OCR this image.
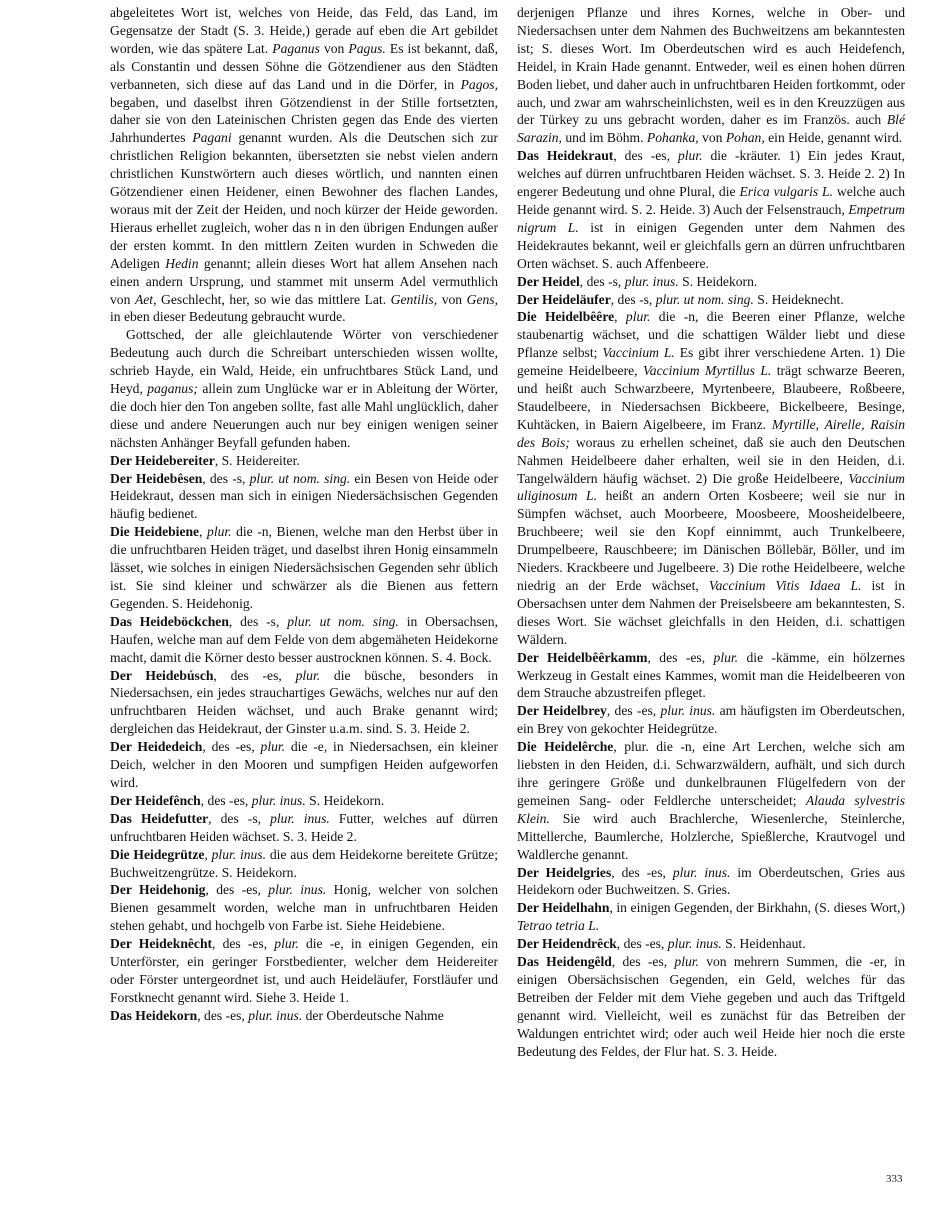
abgeleitetes Wort ist, welches von Heide, das Feld, das Land, im Gegensatze der Stadt (S. 3. Heide,) gerade auf eben die Art gebildet worden, wie das spätere Lat. Paganus von Pagus. Es ist bekannt, daß, als Constantin und dessen Söhne die Götzendiener aus den Städten verbanneten, sich diese auf das Land und in die Dörfer, in Pagos, begaben, und daselbst ihren Götzendienst in der Stille fortsetzten, daher sie von den Lateinischen Christen gegen das Ende des vierten Jahrhundertes Pagani genannt wurden. Als die Deutschen sich zur christlichen Religion bekannten, übersetzten sie nebst vielen andern christlichen Kunstwörtern auch dieses wörtlich, und nannten einen Götzendiener einen Heidener, einen Bewohner des flachen Landes, woraus mit der Zeit der Heiden, und noch kürzer der Heide geworden. Hieraus erhellet zugleich, woher das n in den übrigen Endungen außer der ersten kommt. In den mittlern Zeiten wurden in Schweden die Adeligen Hedin genannt; allein dieses Wort hat allem Ansehen nach einen andern Ursprung, und stammet mit unserm Adel vermuthlich von Aet, Geschlecht, her, so wie das mittlere Lat. Gentilis, von Gens, in eben dieser Bedeutung gebraucht wurde.

Gottsched, der alle gleichlautende Wörter von verschiedener Bedeutung auch durch die Schreibart unterschieden wissen wollte, schrieb Hayde, ein Wald, Heide, ein unfruchtbares Stück Land, und Heyd, paganus; allein zum Unglücke war er in Ableitung der Wörter, die doch hier den Ton angeben sollte, fast alle Mahl unglücklich, daher diese und andere Neuerungen auch nur bey einigen wenigen seiner nächsten Anhänger Beyfall gefunden haben.

Der Heidebereiter, S. Heidereiter.

Der Heidebêsen, des -s, plur. ut nom. sing. ein Besen von Heide oder Heidekraut, dessen man sich in einigen Niedersächsischen Gegenden häufig bedienet.

Die Heidebiene, plur. die -n, Bienen, welche man den Herbst über in die unfruchtbaren Heiden träget, und daselbst ihren Honig einsammeln lässet, wie solches in einigen Niedersächsischen Gegenden sehr üblich ist. Sie sind kleiner und schwärzer als die Bienen aus fettern Gegenden. S. Heidehonig.

Das Heideböckchen, des -s, plur. ut nom. sing. in Obersachsen, Haufen, welche man auf dem Felde von dem abgemäheten Heidekorne macht, damit die Körner desto besser austrocknen können. S. 4. Bock.

Der Heidebúsch, des -es, plur. die büsche, besonders in Niedersachsen, ein jedes strauchartiges Gewächs, welches nur auf den unfruchtbaren Heiden wächset, und auch Brake genannt wird; dergleichen das Heidekraut, der Ginster u.a.m. sind. S. 3. Heide 2.

Der Heidedeich, des -es, plur. die -e, in Niedersachsen, ein kleiner Deich, welcher in den Mooren und sumpfigen Heiden aufgeworfen wird.

Der Heidefênch, des -es, plur. inus. S. Heidekorn.

Das Heidefutter, des -s, plur. inus. Futter, welches auf dürren unfruchtbaren Heiden wächset. S. 3. Heide 2.

Die Heidegrütze, plur. inus. die aus dem Heidekorne bereitete Grütze; Buchweitzengrütze. S. Heidekorn.

Der Heidehonig, des -es, plur. inus. Honig, welcher von solchen Bienen gesammelt worden, welche man in unfruchtbaren Heiden stehen gehabt, und hochgelb von Farbe ist. Siehe Heidebiene.

Der Heideknêcht, des -es, plur. die -e, in einigen Gegenden, ein Unterförster, ein geringer Forstbedienter, welcher dem Heidereiter oder Förster untergeordnet ist, und auch Heideläufer, Forstläufer und Forstknecht genannt wird. Siehe 3. Heide 1.

Das Heidekorn, des -es, plur. inus. der Oberdeutsche Nahme

derjenigen Pflanze und ihres Kornes, welche in Ober- und Niedersachsen unter dem Nahmen des Buchweitzens am bekanntesten ist; S. dieses Wort. Im Oberdeutschen wird es auch Heidefench, Heidel, in Krain Hade genannt. Entweder, weil es einen hohen dürren Boden liebet, und daher auch in unfruchtbaren Heiden fortkommt, oder auch, und zwar am wahrscheinlichsten, weil es in den Kreuzzügen aus der Türkey zu uns gebracht worden, daher es im Französ. auch Blé Sarazin, und im Böhm. Pohanka, von Pohan, ein Heide, genannt wird.

Das Heidekraut, des -es, plur. die -kräuter. 1) Ein jedes Kraut, welches auf dürren unfruchtbaren Heiden wächset. S. 3. Heide 2. 2) In engerer Bedeutung und ohne Plural, die Erica vulgaris L. welche auch Heide genannt wird. S. 2. Heide. 3) Auch der Felsenstrauch, Empetrum nigrum L. ist in einigen Gegenden unter dem Nahmen des Heidekrautes bekannt, weil er gleichfalls gern an dürren unfruchtbaren Orten wächset. S. auch Affenbeere.

Der Heidel, des -s, plur. inus. S. Heidekorn.

Der Heideläufer, des -s, plur. ut nom. sing. S. Heideknecht.

Die Heidelbêêre, plur. die -n, die Beeren einer Pflanze, welche staubenartig wächset, und die schattigen Wälder liebt und diese Pflanze selbst; Vaccinium L. Es gibt ihrer verschiedene Arten. 1) Die gemeine Heidelbeere, Vaccinium Myrtillus L. trägt schwarze Beeren, und heißt auch Schwarzbeere, Myrtenbeere, Blaubeere, Roßbeere, Staudelbeere, in Niedersachsen Bickbeere, Bickelbeere, Besinge, Kuhtäcken, in Baiern Aigelbeere, im Franz. Myrtille, Airelle, Raisin des Bois; woraus zu erhellen scheinet, daß sie auch den Deutschen Nahmen Heidelbeere daher erhalten, weil sie in den Heiden, d.i. Tangelwäldern häufig wächset. 2) Die große Heidelbeere, Vaccinium uliginosum L. heißt an andern Orten Kosbeere; weil sie nur in Sümpfen wächset, auch Moorbeere, Moosbeere, Moosheidelbeere, Bruchbeere; weil sie den Kopf einnimmt, auch Trunkelbeere, Drumpelbeere, Rauschbeere; im Dänischen Böllebär, Böller, und im Nieders. Krackbeere und Jugelbeere. 3) Die rothe Heidelbeere, welche niedrig an der Erde wächset, Vaccinium Vitis Idaea L. ist in Obersachsen unter dem Nahmen der Preiselsbeere am bekanntesten, S. dieses Wort. Sie wächset gleichfalls in den Heiden, d.i. schattigen Wäldern.

Der Heidelbêêrkamm, des -es, plur. die -kämme, ein hölzernes Werkzeug in Gestalt eines Kammes, womit man die Heidelbeeren von dem Strauche abzustreifen pfleget.

Der Heidelbrey, des -es, plur. inus. am häufigsten im Oberdeutschen, ein Brey von gekochter Heidegrütze.

Die Heidelêrche, plur. die -n, eine Art Lerchen, welche sich am liebsten in den Heiden, d.i. Schwarzwäldern, aufhält, und sich durch ihre geringere Größe und dunkelbraunen Flügelfedern von der gemeinen Sang- oder Feldlerche unterscheidet; Alauda sylvestris Klein. Sie wird auch Brachlerche, Wiesenlerche, Steinlerche, Mittellerche, Baumlerche, Holzlerche, Spießlerche, Krautvogel und Waldlerche genannt.

Der Heidelgries, des -es, plur. inus. im Oberdeutschen, Gries aus Heidekorn oder Buchweitzen. S. Gries.

Der Heidelhahn, in einigen Gegenden, der Birkhahn, (S. dieses Wort,) Tetrao tetria L.

Der Heidendrêck, des -es, plur. inus. S. Heidenhaut.

Das Heidengêld, des -es, plur. von mehrern Summen, die -er, in einigen Obersächsischen Gegenden, ein Geld, welches für das Betreiben der Felder mit dem Viehe gegeben und auch das Triftgeld genannt wird. Vielleicht, weil es zunächst für das Betreiben der Waldungen entrichtet wird; oder auch weil Heide hier noch die erste Bedeutung des Feldes, der Flur hat. S. 3. Heide.

333
